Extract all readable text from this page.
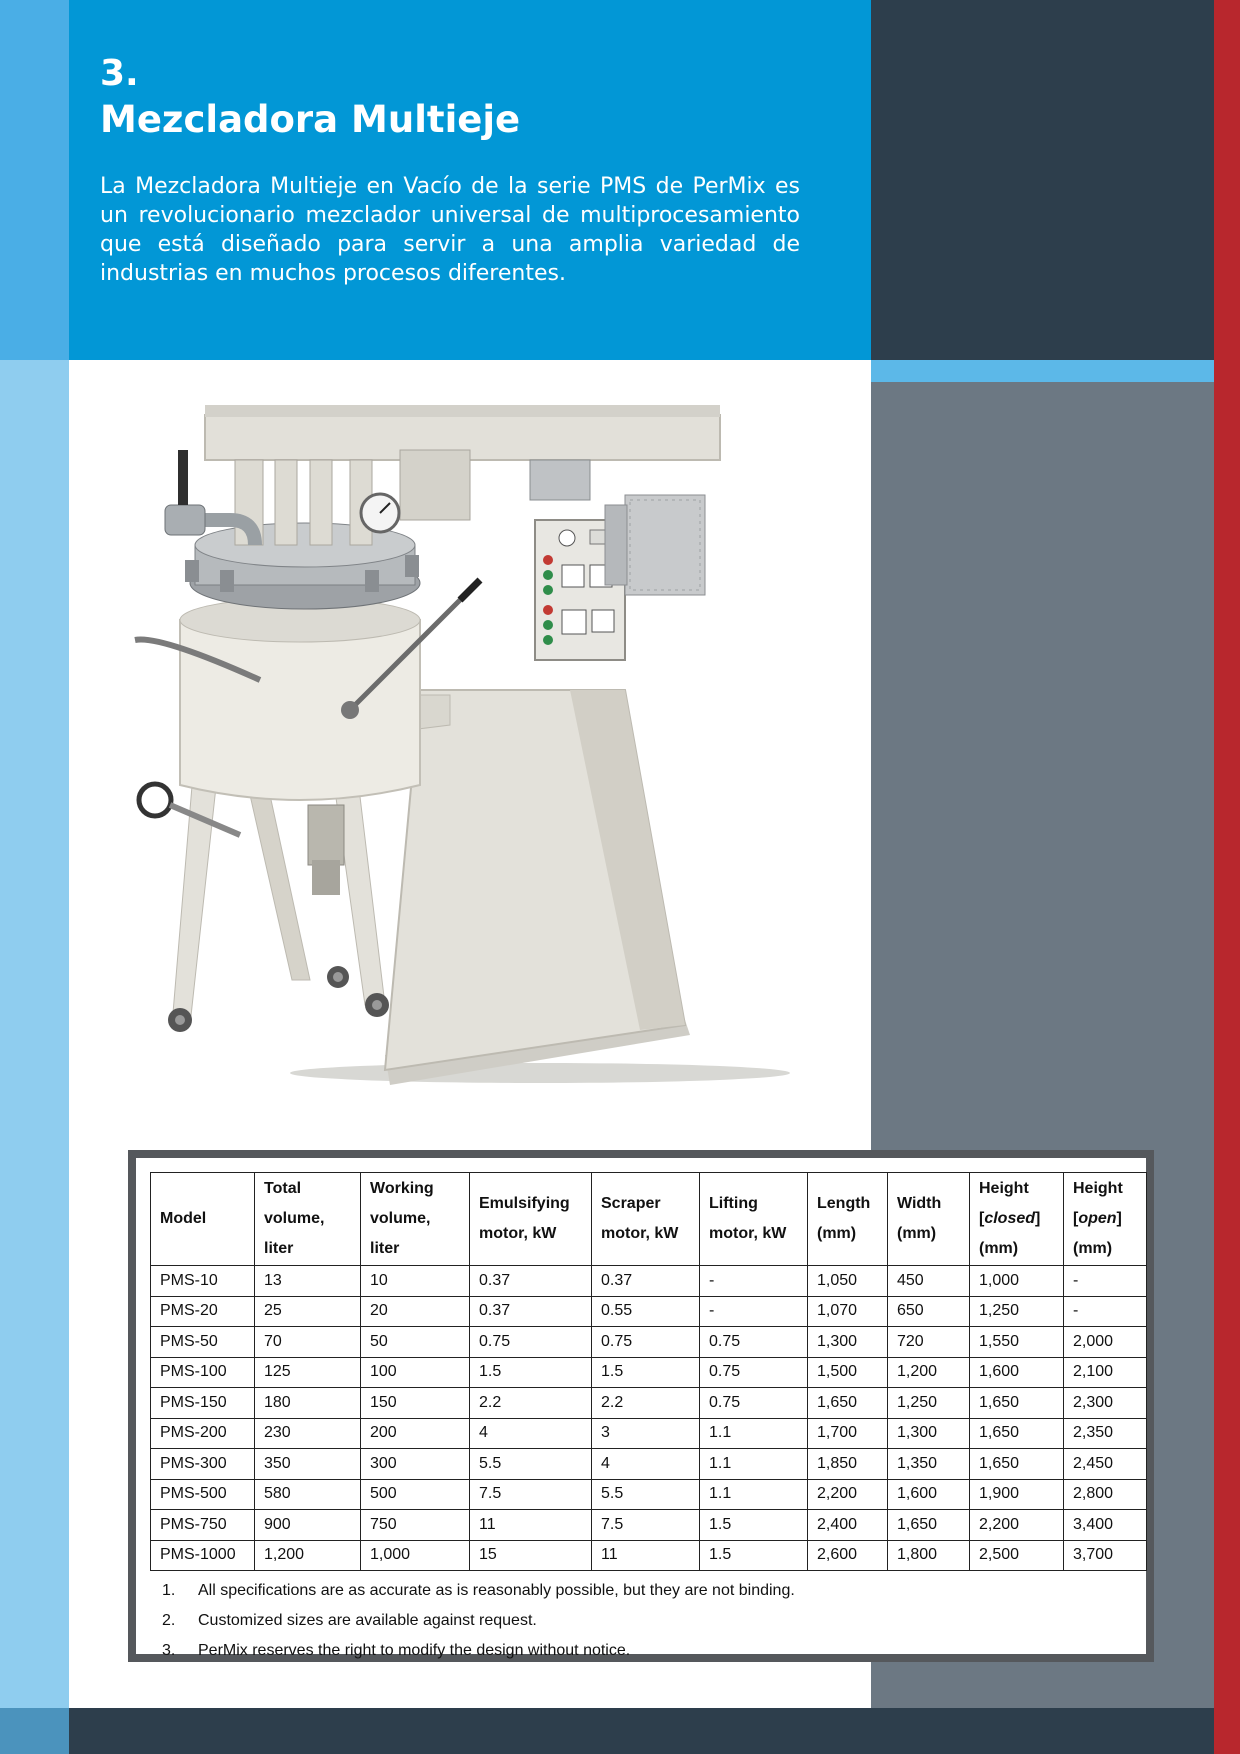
3.
Mezcladora Multieje

La Mezcladora Multieje en Vacío de la serie PMS de PerMix es un revolucionario mezclador universal de multiprocesamiento que está diseñado para servir a una amplia variedad de industrias en muchos procesos diferentes.

Model	Total
volume,
liter	Working
volume,
liter	Emulsifying
motor, kW	Scraper
motor, kW	Lifting
motor, kW	Length
(mm)	Width
(mm)	Height
[closed]
(mm)	Height
[open]
(mm)
PMS-10	13	10	0.37	0.37	-	1,050	450	1,000	-
PMS-20	25	20	0.37	0.55	-	1,070	650	1,250	-
PMS-50	70	50	0.75	0.75	0.75	1,300	720	1,550	2,000
PMS-100	125	100	1.5	1.5	0.75	1,500	1,200	1,600	2,100
PMS-150	180	150	2.2	2.2	0.75	1,650	1,250	1,650	2,300
PMS-200	230	200	4	3	1.1	1,700	1,300	1,650	2,350
PMS-300	350	300	5.5	4	1.1	1,850	1,350	1,650	2,450
PMS-500	580	500	7.5	5.5	1.1	2,200	1,600	1,900	2,800
PMS-750	900	750	11	7.5	1.5	2,400	1,650	2,200	3,400
PMS-1000	1,200	1,000	15	11	1.5	2,600	1,800	2,500	3,700
1. All specifications are as accurate as is reasonably possible, but they are not binding.
2. Customized sizes are available against request.
3. PerMix reserves the right to modify the design without notice.
